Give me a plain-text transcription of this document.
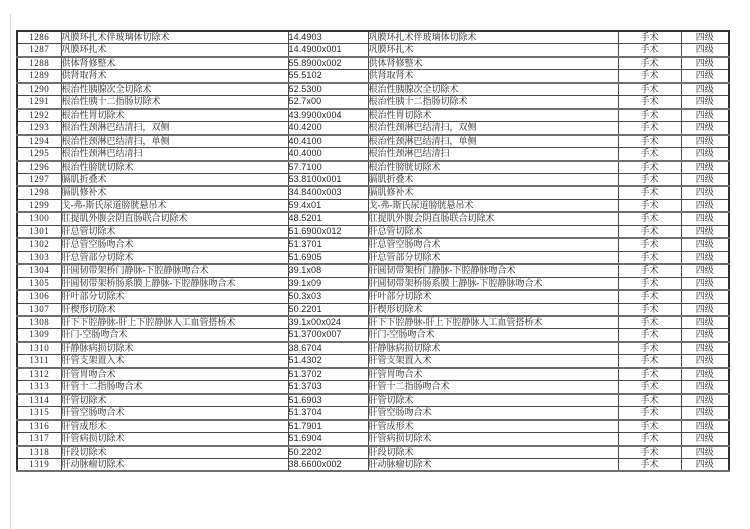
1286	巩膜环扎术伴玻璃体切除术	14.4903	巩膜环扎术伴玻璃体切除术	手术	四级
1287	巩膜环扎术	14.4900x001	巩膜环扎术	手术	四级
1288	供体肾修整术	55.8900x002	供体肾修整术	手术	四级
1289	供肾取肾术	55.5102	供肾取肾术	手术	四级
1290	根治性胰腺次全切除术	52.5300	根治性胰腺次全切除术	手术	四级
1291	根治性胰十二指肠切除术	52.7x00	根治性胰十二指肠切除术	手术	四级
1292	根治性胃切除术	43.9900x004	根治性胃切除术	手术	四级
1293	根治性颈淋巴结清扫，双侧	40.4200	根治性颈淋巴结清扫，双侧	手术	四级
1294	根治性颈淋巴结清扫，单侧	40.4100	根治性颈淋巴结清扫，单侧	手术	四级
1295	根治性颈淋巴结清扫	40.4000	根治性颈淋巴结清扫	手术	四级
1296	根治性膀胱切除术	57.7100	根治性膀胱切除术	手术	四级
1297	膈肌折叠术	53.8100x001	膈肌折叠术	手术	四级
1298	膈肌修补术	34.8400x003	膈肌修补术	手术	四级
1299	戈-弗-斯氏尿道膀胱悬吊术	59.4x01	戈-弗-斯氏尿道膀胱悬吊术	手术	四级
1300	肛提肌外腹会阴直肠联合切除术	48.5201	肛提肌外腹会阴直肠联合切除术	手术	四级
1301	肝总管切除术	51.6900x012	肝总管切除术	手术	四级
1302	肝总管空肠吻合术	51.3701	肝总管空肠吻合术	手术	四级
1303	肝总管部分切除术	51.6905	肝总管部分切除术	手术	四级
1304	肝圆韧带架桥门静脉-下腔静脉吻合术	39.1x08	肝圆韧带架桥门静脉-下腔静脉吻合术	手术	四级
1305	肝圆韧带架桥肠系膜上静脉-下腔静脉吻合术	39.1x09	肝圆韧带架桥肠系膜上静脉-下腔静脉吻合术	手术	四级
1306	肝叶部分切除术	50.3x03	肝叶部分切除术	手术	四级
1307	肝楔形切除术	50.2201	肝楔形切除术	手术	四级
1308	肝下下腔静脉-肝上下腔静脉人工血管搭桥术	39.1x00x024	肝下下腔静脉-肝上下腔静脉人工血管搭桥术	手术	四级
1309	肝门-空肠吻合术	51.3700x007	肝门-空肠吻合术	手术	四级
1310	肝静脉病损切除术	38.6704	肝静脉病损切除术	手术	四级
1311	肝管支架置入术	51.4302	肝管支架置入术	手术	四级
1312	肝管胃吻合术	51.3702	肝管胃吻合术	手术	四级
1313	肝管十二指肠吻合术	51.3703	肝管十二指肠吻合术	手术	四级
1314	肝管切除术	51.6903	肝管切除术	手术	四级
1315	肝管空肠吻合术	51.3704	肝管空肠吻合术	手术	四级
1316	肝管成形术	51.7901	肝管成形术	手术	四级
1317	肝管病损切除术	51.6904	肝管病损切除术	手术	四级
1318	肝段切除术	50.2202	肝段切除术	手术	四级
1319	肝动脉瘤切除术	38.6600x002	肝动脉瘤切除术	手术	四级
